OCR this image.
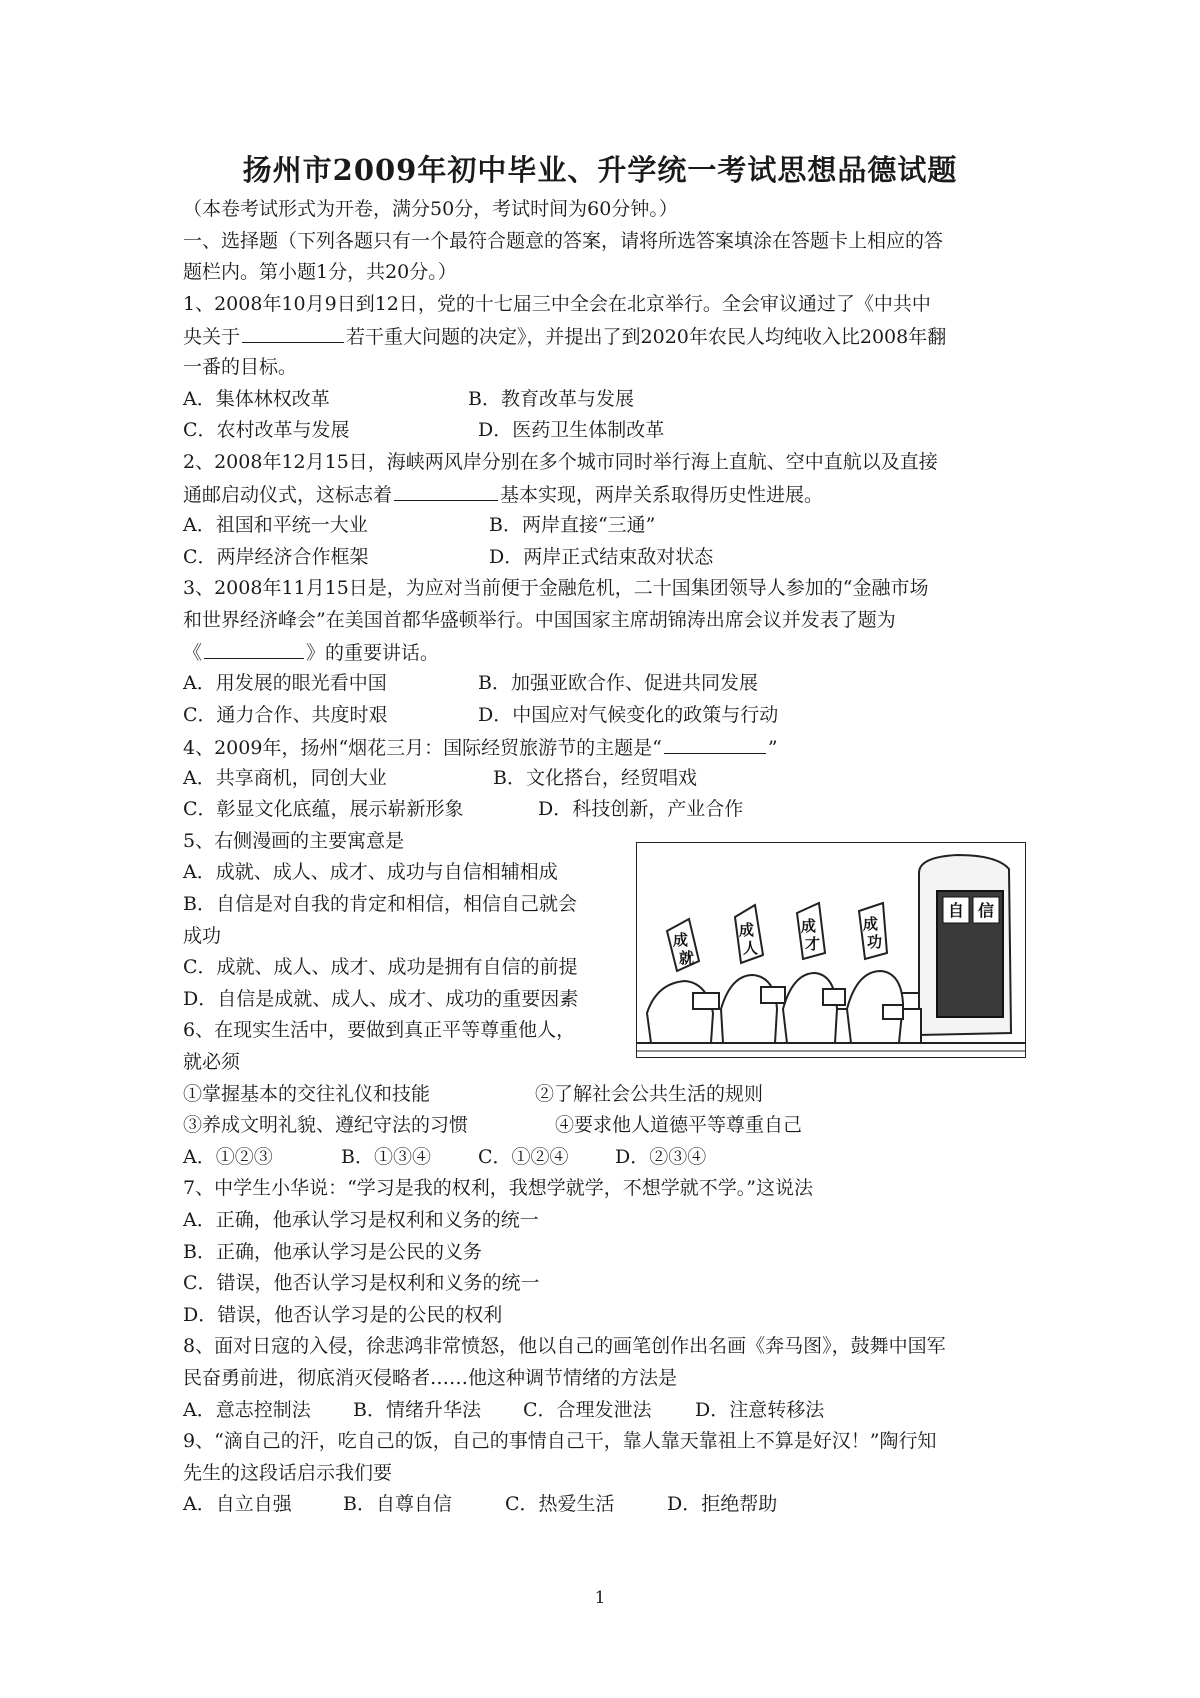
扬州市2009年初中毕业、升学统一考试思想品德试题
（本卷考试形式为开卷，满分50分，考试时间为60分钟。）
一、选择题（下列各题只有一个最符合题意的答案，请将所选答案填涂在答题卡上相应的答
题栏内。第小题1分，共20分。）
1、2008年10月9日到12日，党的十七届三中全会在北京举行。全会审议通过了《中共中
央关于	若干重大问题的决定》，并提出了到2020年农民人均纯收入比2008年翻
一番的目标。
A．集体林权改革	B．教育改革与发展
C．农村改革与发展	D．医药卫生体制改革
2、2008年12月15日，海峡两风岸分别在多个城市同时举行海上直航、空中直航以及直接
通邮启动仪式，这标志着	基本实现，两岸关系取得历史性进展。
A．祖国和平统一大业	B．两岸直接“三通”
C．两岸经济合作框架	D．两岸正式结束敌对状态
3、2008年11月15日是，为应对当前便于金融危机，二十国集团领导人参加的“金融市场
和世界经济峰会”在美国首都华盛顿举行。中国国家主席胡锦涛出席会议并发表了题为
《	》的重要讲话。
A．用发展的眼光看中国	B．加强亚欧合作、促进共同发展
C．通力合作、共度时艰	D．中国应对气候变化的政策与行动
4、2009年，扬州“烟花三月：国际经贸旅游节的主题是“	”
A．共享商机，同创大业	B．文化搭台，经贸唱戏
C．彰显文化底蕴，展示崭新形象	D．科技创新，产业合作
5、右侧漫画的主要寓意是
A．成就、成人、成才、成功与自信相辅相成
B．自信是对自我的肯定和相信，相信自己就会
成功
C．成就、成人、成才、成功是拥有自信的前提
D．自信是成就、成人、成才、成功的重要因素
6、在现实生活中，要做到真正平等尊重他人，
就必须
①掌握基本的交往礼仪和技能	②了解社会公共生活的规则
③养成文明礼貌、遵纪守法的习惯	④要求他人道德平等尊重自己
A．①②③	B．①③④	C．①②④	D．②③④
7、中学生小华说：“学习是我的权利，我想学就学，不想学就不学。”这说法
A．正确，他承认学习是权利和义务的统一
B．正确，他承认学习是公民的义务
C．错误，他否认学习是权利和义务的统一
D．错误，他否认学习是的公民的权利
8、面对日寇的入侵，徐悲鸿非常愤怒，他以自己的画笔创作出名画《奔马图》，鼓舞中国军
民奋勇前进，彻底消灭侵略者……他这种调节情绪的方法是
A．意志控制法	B．情绪升华法	C．合理发泄法	D．注意转移法
9、“滴自己的汗，吃自己的饭，自己的事情自己干，靠人靠天靠祖上不算是好汉！”陶行知
先生的这段话启示我们要
A．自立自强	B．自尊自信	C．热爱生活	D．拒绝帮助
成
就
成
人
成
才
成
功
自 信
1
